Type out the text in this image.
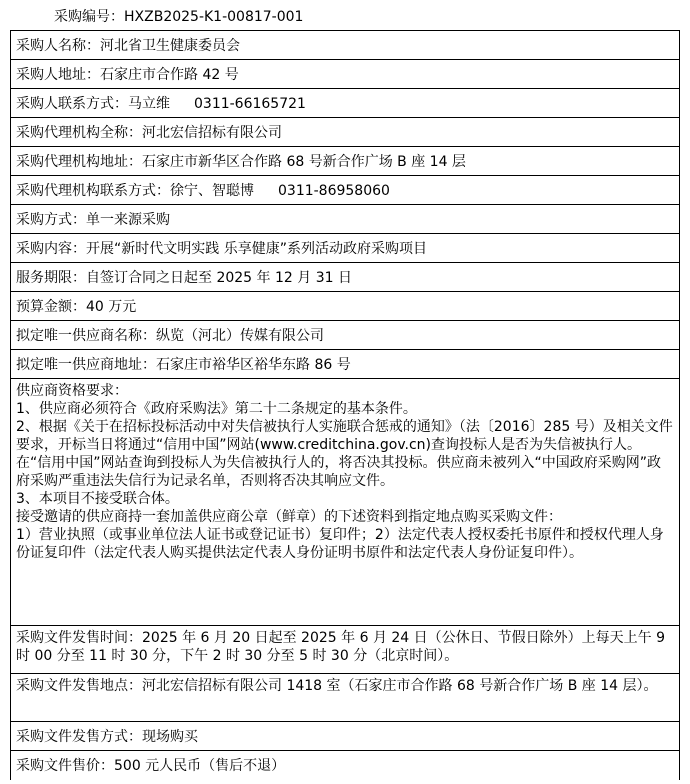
采购编号：HXZB2025-K1-00817-001
采购人名称：河北省卫生健康委员会
采购人地址：石家庄市合作路 42 号
采购人联系方式：马立维 0311-66165721
采购代理机构全称：河北宏信招标有限公司
采购代理机构地址：石家庄市新华区合作路 68 号新合作广场 B 座 14 层
采购代理机构联系方式：徐宁、智聪博 0311-86958060
采购方式：单一来源采购
采购内容：开展“新时代文明实践 乐享健康”系列活动政府采购项目
服务期限：自签订合同之日起至 2025 年 12 月 31 日
预算金额：40 万元
拟定唯一供应商名称：纵览（河北）传媒有限公司
拟定唯一供应商地址：石家庄市裕华区裕华东路 86 号
供应商资格要求：
1、供应商必须符合《政府采购法》第二十二条规定的基本条件。
2、根据《关于在招标投标活动中对失信被执行人实施联合惩戒的通知》（法〔2016〕285 号）及相关文件要求，开标当日将通过“信用中国”网站(www.creditchina.gov.cn)查询投标人是否为失信被执行人。在“信用中国”网站查询到投标人为失信被执行人的，将否决其投标。供应商未被列入“中国政府采购网”政府采购严重违法失信行为记录名单，否则将否决其响应文件。
3、本项目不接受联合体。
接受邀请的供应商持一套加盖供应商公章（鲜章）的下述资料到指定地点购买采购文件：
1）营业执照（或事业单位法人证书或登记证书）复印件；2）法定代表人授权委托书原件和授权代理人身份证复印件（法定代表人购买提供法定代表人身份证明书原件和法定代表人身份证复印件）。
采购文件发售时间：2025 年 6 月 20 日起至 2025 年 6 月 24 日（公休日、节假日除外）上每天上午 9 时 00 分至 11 时 30 分，下午 2 时 30 分至 5 时 30 分（北京时间）。
采购文件发售地点：河北宏信招标有限公司 1418 室（石家庄市合作路 68 号新合作广场 B 座 14 层）。
采购文件发售方式：现场购买
采购文件售价：500 元人民币（售后不退）
